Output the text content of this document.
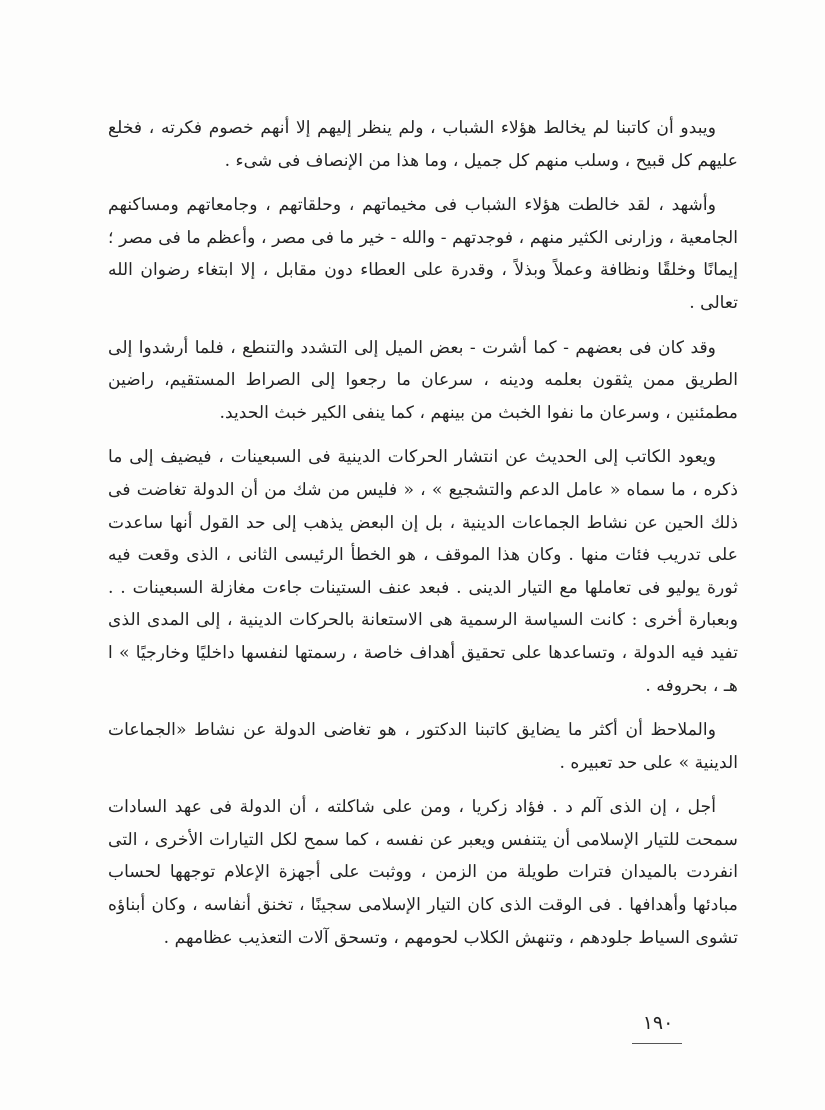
ويبدو أن كاتبنا لم يخالط هؤلاء الشباب ، ولم ينظر إليهم إلا أنهم خصوم فكرته ، فخلع عليهم كل قبيح ، وسلب منهم كل جميل ، وما هذا من الإنصاف فى شىء .

وأشهد ، لقد خالطت هؤلاء الشباب فى مخيماتهم ، وحلقاتهم ، وجامعاتهم ومساكنهم الجامعية ، وزارنى الكثير منهم ، فوجدتهم - والله - خير ما فى مصر ، وأعظم ما فى مصر ؛ إيمانًا وخلقًا ونظافة وعملاً وبذلاً ، وقدرة على العطاء دون مقابل ، إلا ابتغاء رضوان الله تعالى .

وقد كان فى بعضهم - كما أشرت - بعض الميل إلى التشدد والتنطع ، فلما أرشدوا إلى الطريق ممن يثقون بعلمه ودينه ، سرعان ما رجعوا إلى الصراط المستقيم، راضين مطمئنين ، وسرعان ما نفوا الخبث من بينهم ، كما ينفى الكير خبث الحديد.

ويعود الكاتب إلى الحديث عن انتشار الحركات الدينية فى السبعينات ، فيضيف إلى ما ذكره ، ما سماه « عامل الدعم والتشجيع » ، « فليس من شك من أن الدولة تغاضت فى ذلك الحين عن نشاط الجماعات الدينية ، بل إن البعض يذهب إلى حد القول أنها ساعدت على تدريب فئات منها . وكان هذا الموقف ، هو الخطأ الرئيسى الثانى ، الذى وقعت فيه ثورة يوليو فى تعاملها مع التيار الدينى . فبعد عنف الستينات جاءت مغازلة السبعينات . . وبعبارة أخرى : كانت السياسة الرسمية هى الاستعانة بالحركات الدينية ، إلى المدى الذى تفيد فيه الدولة ، وتساعدها على تحقيق أهداف خاصة ، رسمتها لنفسها داخليًا وخارجيًا » ا هـ ، بحروفه .

والملاحظ أن أكثر ما يضايق كاتبنا الدكتور ، هو تغاضى الدولة عن نشاط «الجماعات الدينية » على حد تعبيره .

أجل ، إن الذى آلم د . فؤاد زكريا ، ومن على شاكلته ، أن الدولة فى عهد السادات سمحت للتيار الإسلامى أن يتنفس ويعبر عن نفسه ، كما سمح لكل التيارات الأخرى ، التى انفردت بالميدان فترات طويلة من الزمن ، ووثبت على أجهزة الإعلام توجهها لحساب مبادئها وأهدافها . فى الوقت الذى كان التيار الإسلامى سجينًا ، تخنق أنفاسه ، وكان أبناؤه تشوى السياط جلودهم ، وتنهش الكلاب لحومهم ، وتسحق آلات التعذيب عظامهم .

١٩٠
